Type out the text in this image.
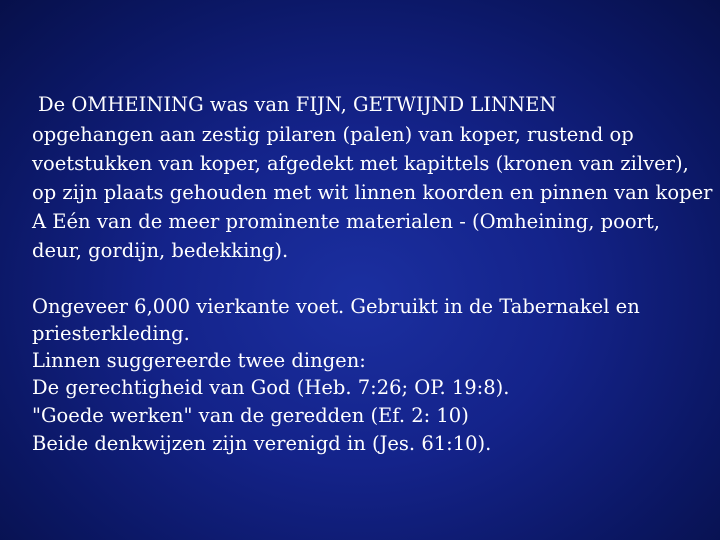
De OMHEINING was van FIJN, GETWIJND LINNEN
opgehangen aan zestig pilaren (palen) van koper, rustend op
voetstukken van koper, afgedekt met kapittels (kronen van zilver),
op zijn plaats gehouden met wit linnen koorden en pinnen van koper
A Eén van de meer prominente materialen - (Omheining, poort,
deur, gordijn, bedekking).
Ongeveer 6,000 vierkante voet. Gebruikt in de Tabernakel en
priesterkleding.
Linnen suggereerde twee dingen:
De gerechtigheid van God (Heb. 7:26; OP. 19:8).
"Goede werken" van de geredden (Ef. 2: 10)
Beide denkwijzen zijn verenigd in (Jes. 61:10).
